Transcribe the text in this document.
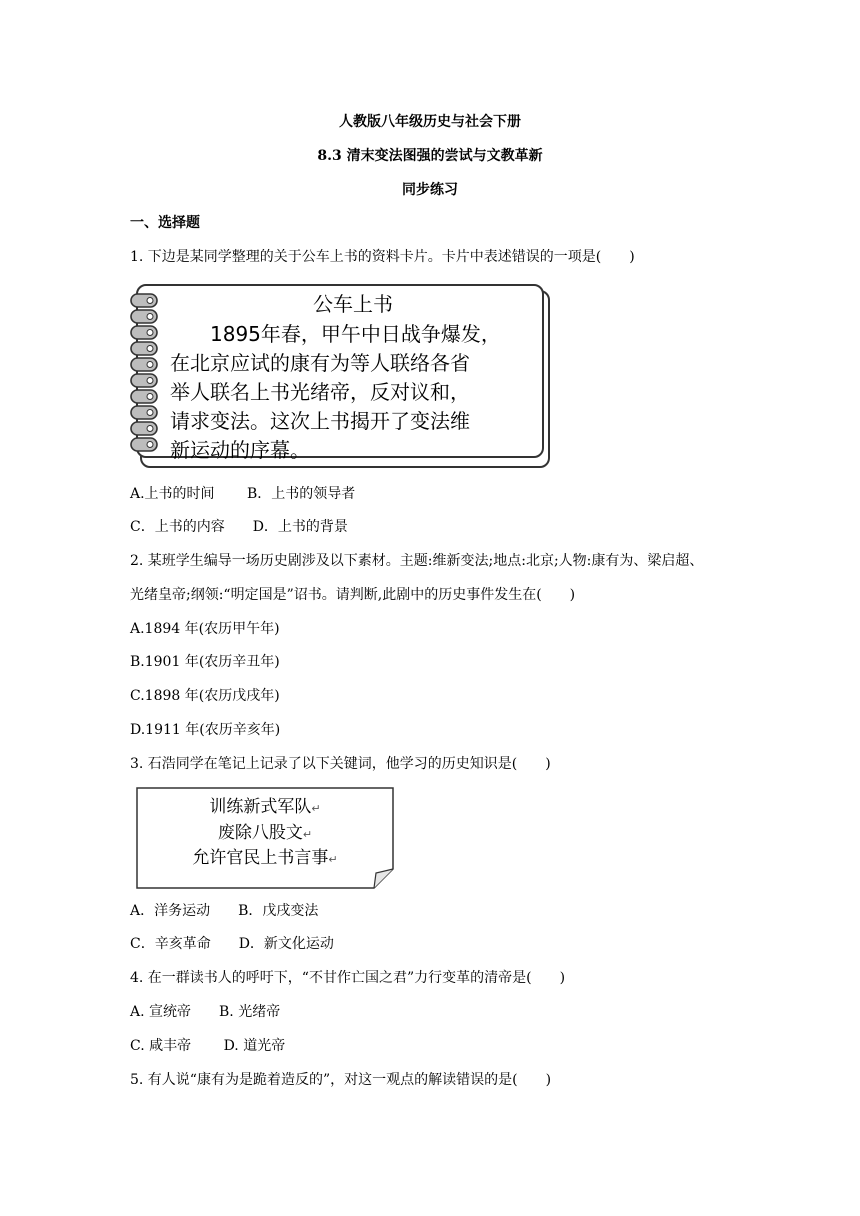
人教版八年级历史与社会下册
8.3 清末变法图强的尝试与文教革新
同步练习
一、选择题
1. 下边是某同学整理的关于公车上书的资料卡片。卡片中表述错误的一项是(　　)
公车上书
　　1895年春，甲午中日战争爆发，
在北京应试的康有为等人联络各省
举人联名上书光绪帝，反对议和，
请求变法。这次上书揭开了变法维
新运动的序幕。
A.上书的时间　　 B．上书的领导者
C．上书的内容　　D．上书的背景
2. 某班学生编导一场历史剧涉及以下素材。主题:维新变法;地点:北京;人物:康有为、梁启超、
光绪皇帝;纲领:“明定国是”诏书。请判断,此剧中的历史事件发生在(　　)
A.1894 年(农历甲午年)
B.1901 年(农历辛丑年)
C.1898 年(农历戊戌年)
D.1911 年(农历辛亥年)
3. 石浩同学在笔记上记录了以下关键词，他学习的历史知识是(　　)
训练新式军队↵
废除八股文↵
允许官民上书言事↵
A．洋务运动　　B．戊戌变法
C．辛亥革命　　D．新文化运动
4. 在一群读书人的呼吁下，“不甘作亡国之君”力行变革的清帝是(　　)
A. 宣统帝　　B. 光绪帝
C. 咸丰帝　　 D. 道光帝
5. 有人说“康有为是跪着造反的”，对这一观点的解读错误的是(　　)
